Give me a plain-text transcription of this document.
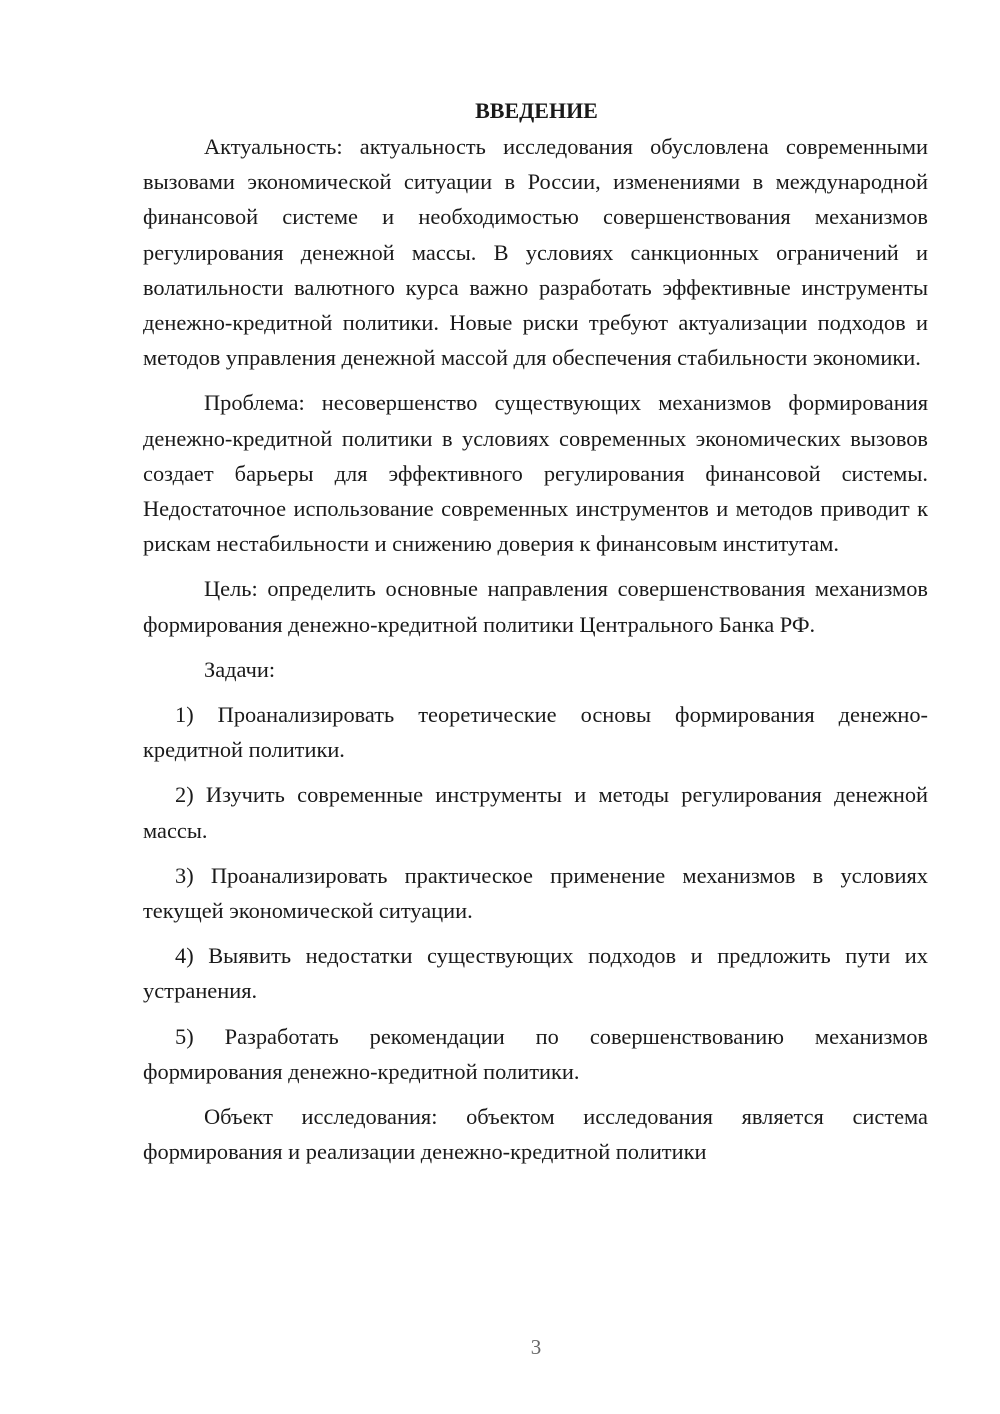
ВВЕДЕНИЕ

Актуальность: актуальность исследования обусловлена современными вызовами экономической ситуации в России, изменениями в международной финансовой системе и необходимостью совершенствования механизмов регулирования денежной массы. В условиях санкционных ограничений и волатильности валютного курса важно разработать эффективные инструменты денежно-кредитной политики. Новые риски требуют актуализации подходов и методов управления денежной массой для обеспечения стабильности экономики.

Проблема: несовершенство существующих механизмов формирования денежно-кредитной политики в условиях современных экономических вызовов создает барьеры для эффективного регулирования финансовой системы. Недостаточное использование современных инструментов и методов приводит к рискам нестабильности и снижению доверия к финансовым институтам.

Цель: определить основные направления совершенствования механизмов формирования денежно-кредитной политики Центрального Банка РФ.

Задачи:

1) Проанализировать теоретические основы формирования денежно-кредитной политики.

2) Изучить современные инструменты и методы регулирования денежной массы.

3) Проанализировать практическое применение механизмов в условиях текущей экономической ситуации.

4) Выявить недостатки существующих подходов и предложить пути их устранения.

5) Разработать рекомендации по совершенствованию механизмов формирования денежно-кредитной политики.

Объект исследования: объектом исследования является система формирования и реализации денежно-кредитной политики

3
